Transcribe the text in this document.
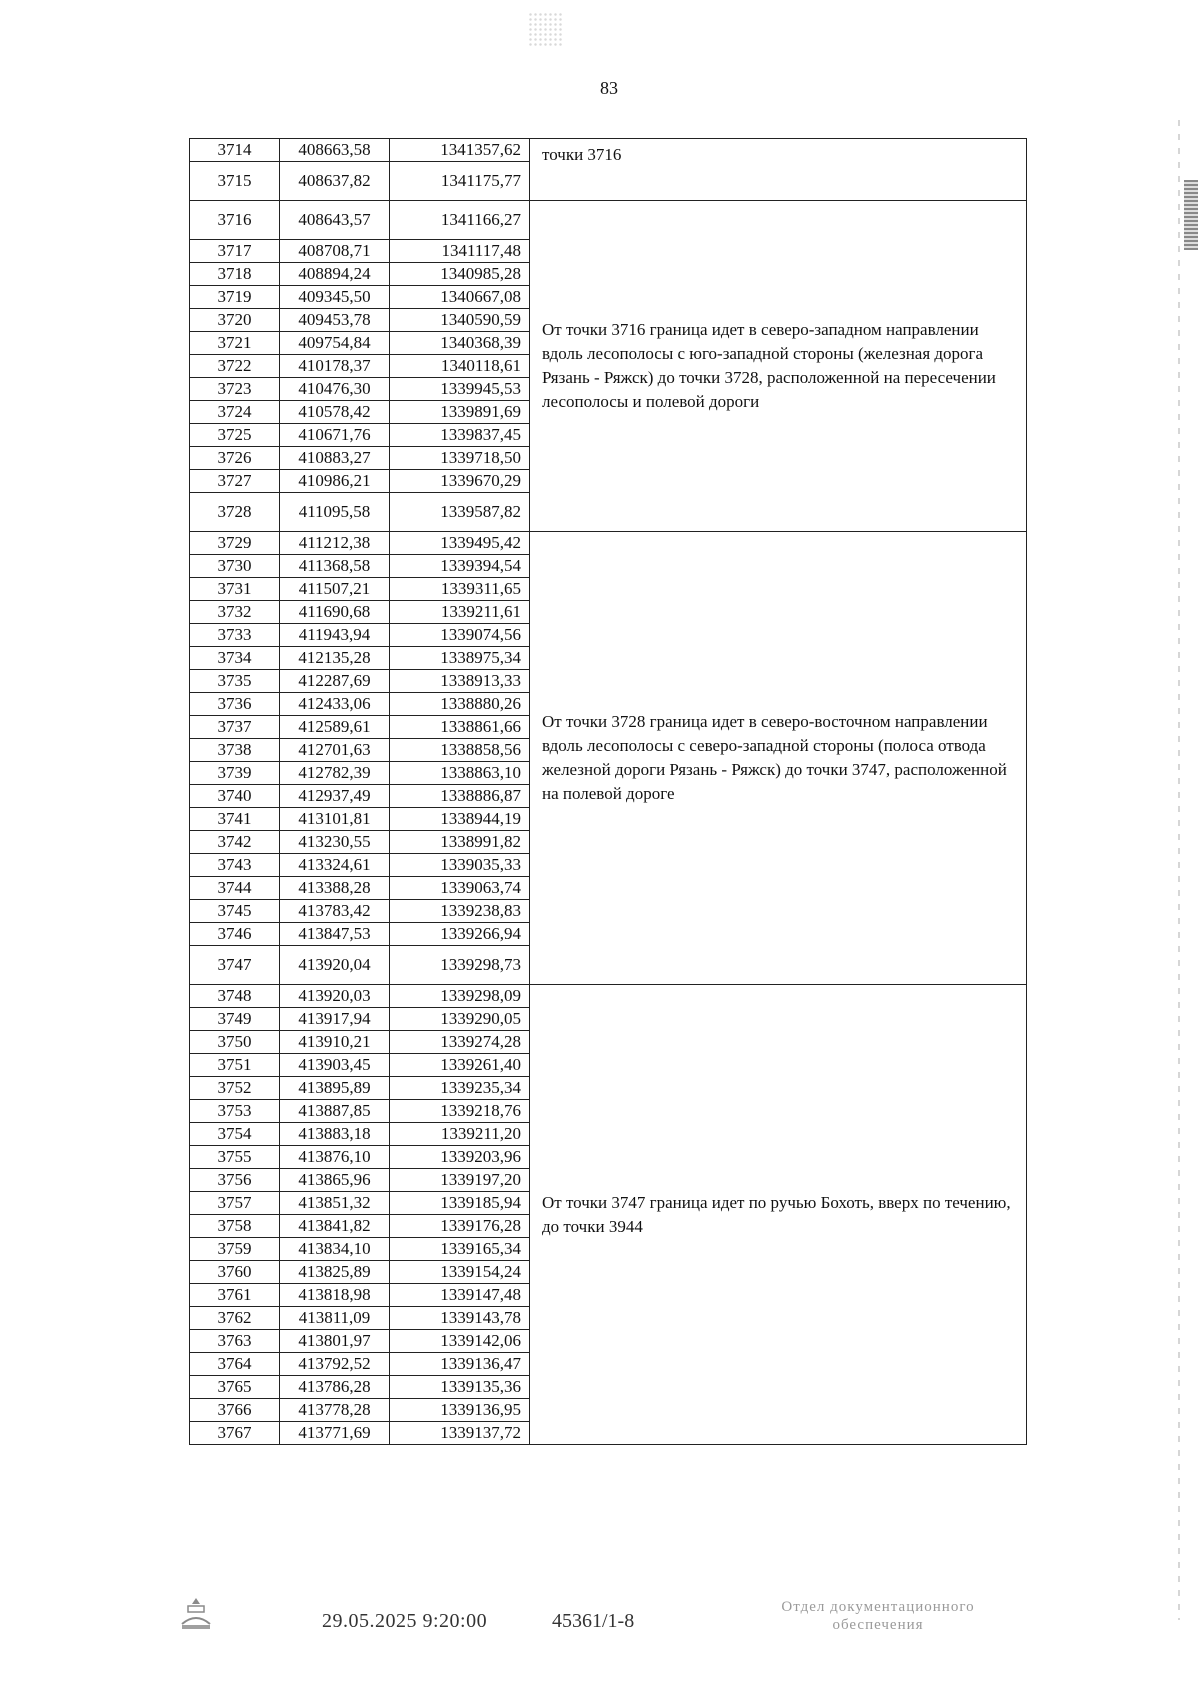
83
3714	408663,58	1341357,62	точки 3716
3715	408637,82	1341175,77	
3716	408643,57	1341166,27	От точки 3716 граница идет в северо-западном направлении вдоль лесополосы с юго-западной стороны (железная дорога Рязань - Ряжск) до точки 3728, расположенной на пересечении лесополосы и полевой дороги
3717	408708,71	1341117,48	
3718	408894,24	1340985,28	
3719	409345,50	1340667,08	
3720	409453,78	1340590,59	
3721	409754,84	1340368,39	
3722	410178,37	1340118,61	
3723	410476,30	1339945,53	
3724	410578,42	1339891,69	
3725	410671,76	1339837,45	
3726	410883,27	1339718,50	
3727	410986,21	1339670,29	
3728	411095,58	1339587,82	
3729	411212,38	1339495,42	От точки 3728 граница идет в северо-восточном направлении вдоль лесополосы с северо-западной стороны (полоса отвода железной дороги Рязань - Ряжск) до точки 3747, расположенной на полевой дороге
3730	411368,58	1339394,54	
3731	411507,21	1339311,65	
3732	411690,68	1339211,61	
3733	411943,94	1339074,56	
3734	412135,28	1338975,34	
3735	412287,69	1338913,33	
3736	412433,06	1338880,26	
3737	412589,61	1338861,66	
3738	412701,63	1338858,56	
3739	412782,39	1338863,10	
3740	412937,49	1338886,87	
3741	413101,81	1338944,19	
3742	413230,55	1338991,82	
3743	413324,61	1339035,33	
3744	413388,28	1339063,74	
3745	413783,42	1339238,83	
3746	413847,53	1339266,94	
3747	413920,04	1339298,73	
3748	413920,03	1339298,09	От точки 3747 граница идет по ручью Бохоть, вверх по течению, до точки 3944
3749	413917,94	1339290,05	
3750	413910,21	1339274,28	
3751	413903,45	1339261,40	
3752	413895,89	1339235,34	
3753	413887,85	1339218,76	
3754	413883,18	1339211,20	
3755	413876,10	1339203,96	
3756	413865,96	1339197,20	
3757	413851,32	1339185,94	
3758	413841,82	1339176,28	
3759	413834,10	1339165,34	
3760	413825,89	1339154,24	
3761	413818,98	1339147,48	
3762	413811,09	1339143,78	
3763	413801,97	1339142,06	
3764	413792,52	1339136,47	
3765	413786,28	1339135,36	
3766	413778,28	1339136,95	
3767	413771,69	1339137,72	
29.05.2025 9:20:00	45361/1-8
Отдел документационного
обеспечения
